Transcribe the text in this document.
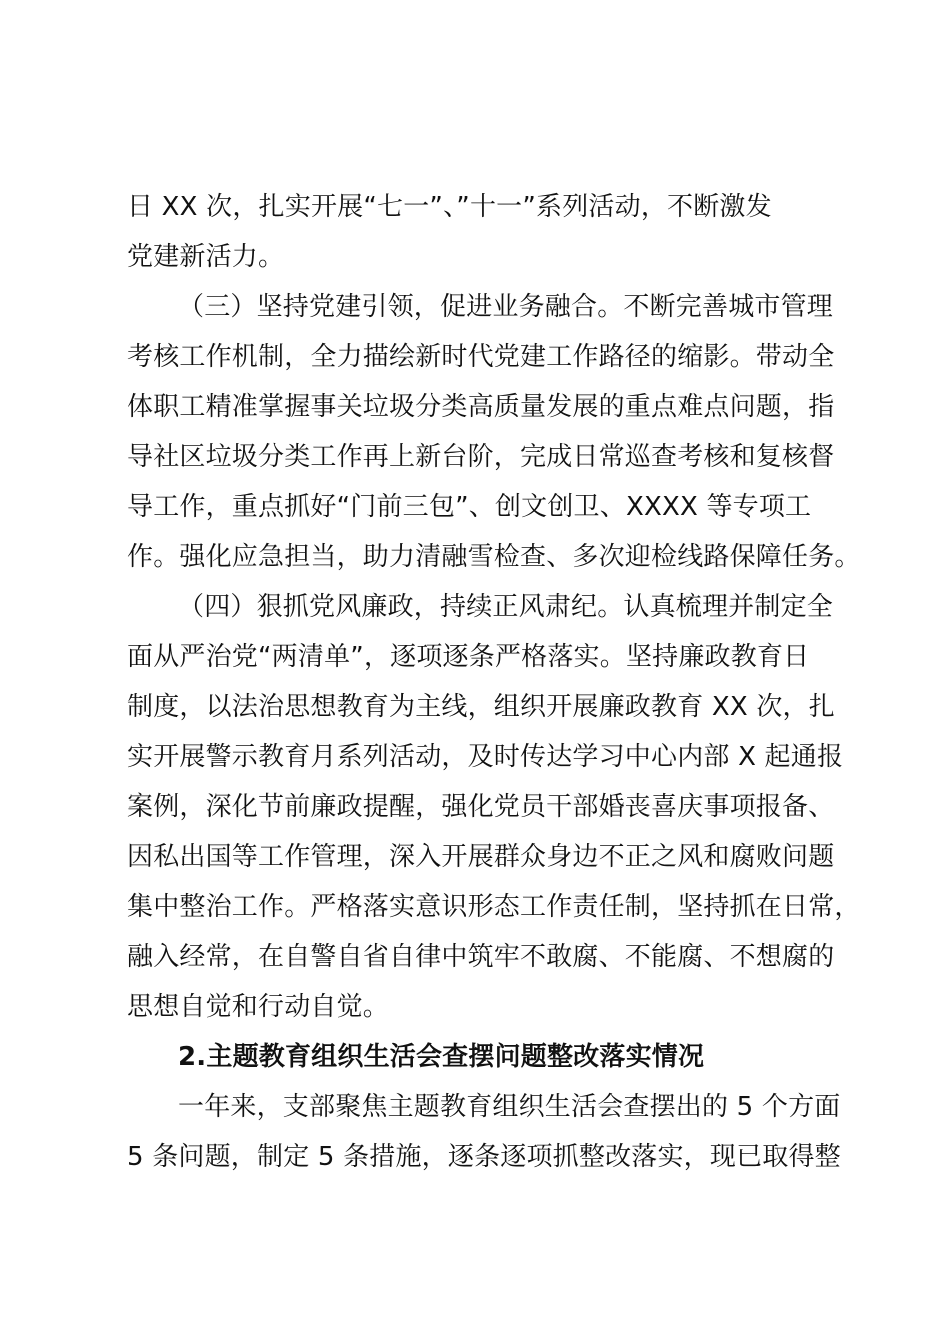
日 XX 次，扎实开展“七一”、”十一”系列活动，不断激发
党建新活力。
（三）坚持党建引领，促进业务融合。不断完善城市管理
考核工作机制，全力描绘新时代党建工作路径的缩影。带动全
体职工精准掌握事关垃圾分类高质量发展的重点难点问题，指
导社区垃圾分类工作再上新台阶，完成日常巡查考核和复核督
导工作，重点抓好“门前三包”、创文创卫、XXXX 等专项工
作。强化应急担当，助力清融雪检查、多次迎检线路保障任务。
（四）狠抓党风廉政，持续正风肃纪。认真梳理并制定全
面从严治党“两清单”，逐项逐条严格落实。坚持廉政教育日
制度，以法治思想教育为主线，组织开展廉政教育 XX 次，扎
实开展警示教育月系列活动，及时传达学习中心内部 X 起通报
案例，深化节前廉政提醒，强化党员干部婚丧喜庆事项报备、
因私出国等工作管理，深入开展群众身边不正之风和腐败问题
集中整治工作。严格落实意识形态工作责任制，坚持抓在日常，
融入经常，在自警自省自律中筑牢不敢腐、不能腐、不想腐的
思想自觉和行动自觉。
2.主题教育组织生活会查摆问题整改落实情况
一年来，支部聚焦主题教育组织生活会查摆出的 5 个方面
5 条问题，制定 5 条措施，逐条逐项抓整改落实，现已取得整
